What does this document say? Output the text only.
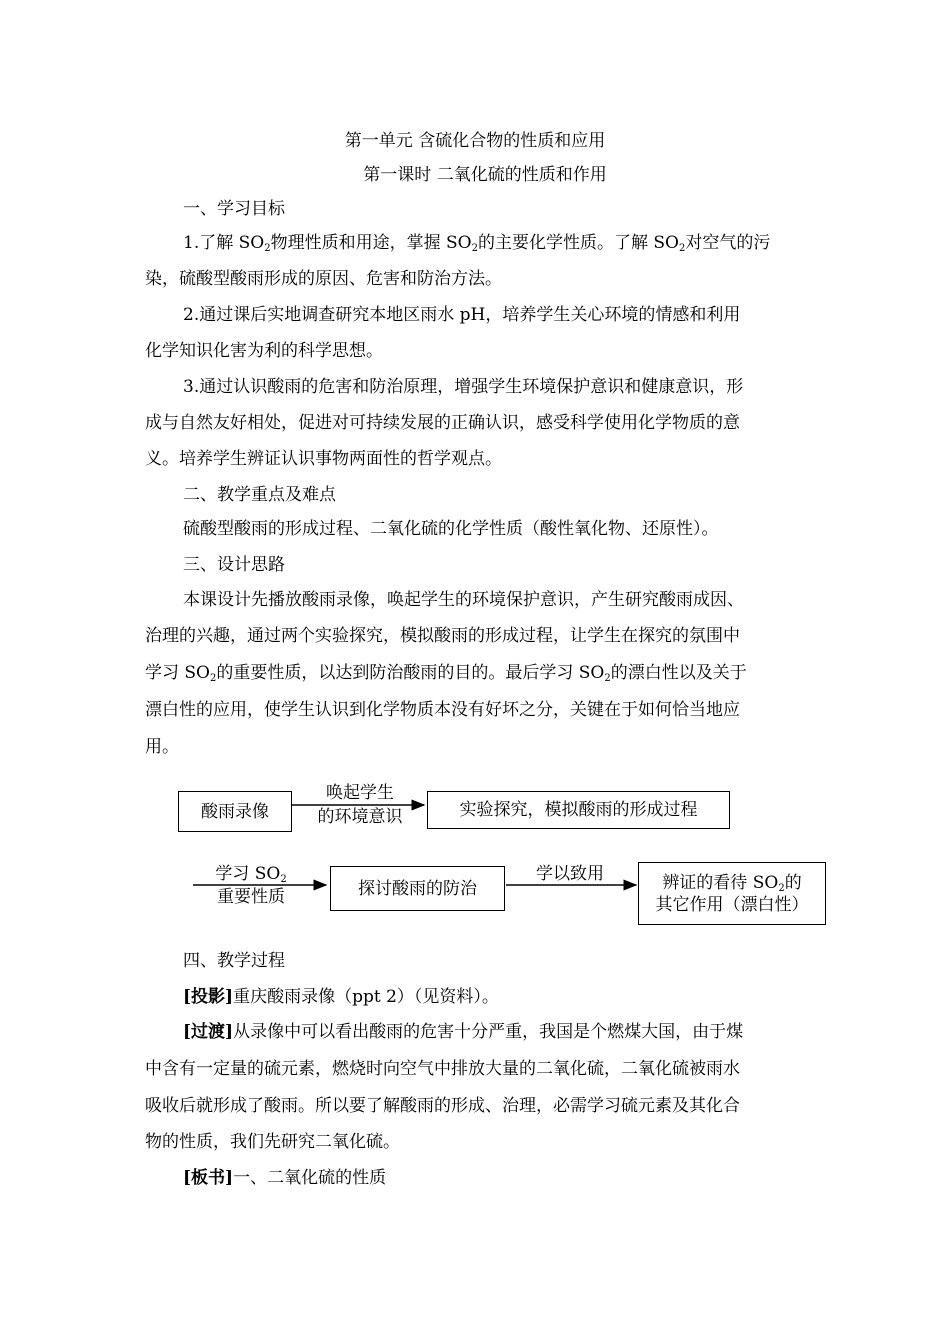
第一单元 含硫化合物的性质和应用
第一课时 二氧化硫的性质和作用
一、学习目标
1.了解 $SO_2$物理性质和用途，掌握 $SO_2$的主要化学性质。了解 $SO_2$对空气的污
染，硫酸型酸雨形成的原因、危害和防治方法。
2.通过课后实地调查研究本地区雨水 pH，培养学生关心环境的情感和利用
化学知识化害为利的科学思想。
3.通过认识酸雨的危害和防治原理，增强学生环境保护意识和健康意识，形
成与自然友好相处，促进对可持续发展的正确认识，感受科学使用化学物质的意
义。培养学生辨证认识事物两面性的哲学观点。
二、教学重点及难点
硫酸型酸雨的形成过程、二氧化硫的化学性质（酸性氧化物、还原性）。
三、设计思路
本课设计先播放酸雨录像，唤起学生的环境保护意识，产生研究酸雨成因、
治理的兴趣，通过两个实验探究，模拟酸雨的形成过程，让学生在探究的氛围中
学习 $SO_2$的重要性质，以达到防治酸雨的目的。最后学习 $SO_2$的漂白性以及关于
漂白性的应用，使学生认识到化学物质本没有好坏之分，关键在于如何恰当地应
用。
酸雨录像
唤起学生
的环境意识	实验探究，模拟酸雨的形成过程
学习 $SO_2$
重要性质	探讨酸雨的防治
学以致用	辨证的看待 $SO_2$的
其它作用（漂白性）
四、教学过程
[投影]重庆酸雨录像（ppt 2）（见资料）。
[过渡]从录像中可以看出酸雨的危害十分严重，我国是个燃煤大国，由于煤
中含有一定量的硫元素，燃烧时向空气中排放大量的二氧化硫，二氧化硫被雨水
吸收后就形成了酸雨。所以要了解酸雨的形成、治理，必需学习硫元素及其化合
物的性质，我们先研究二氧化硫。
[板书]一、二氧化硫的性质
